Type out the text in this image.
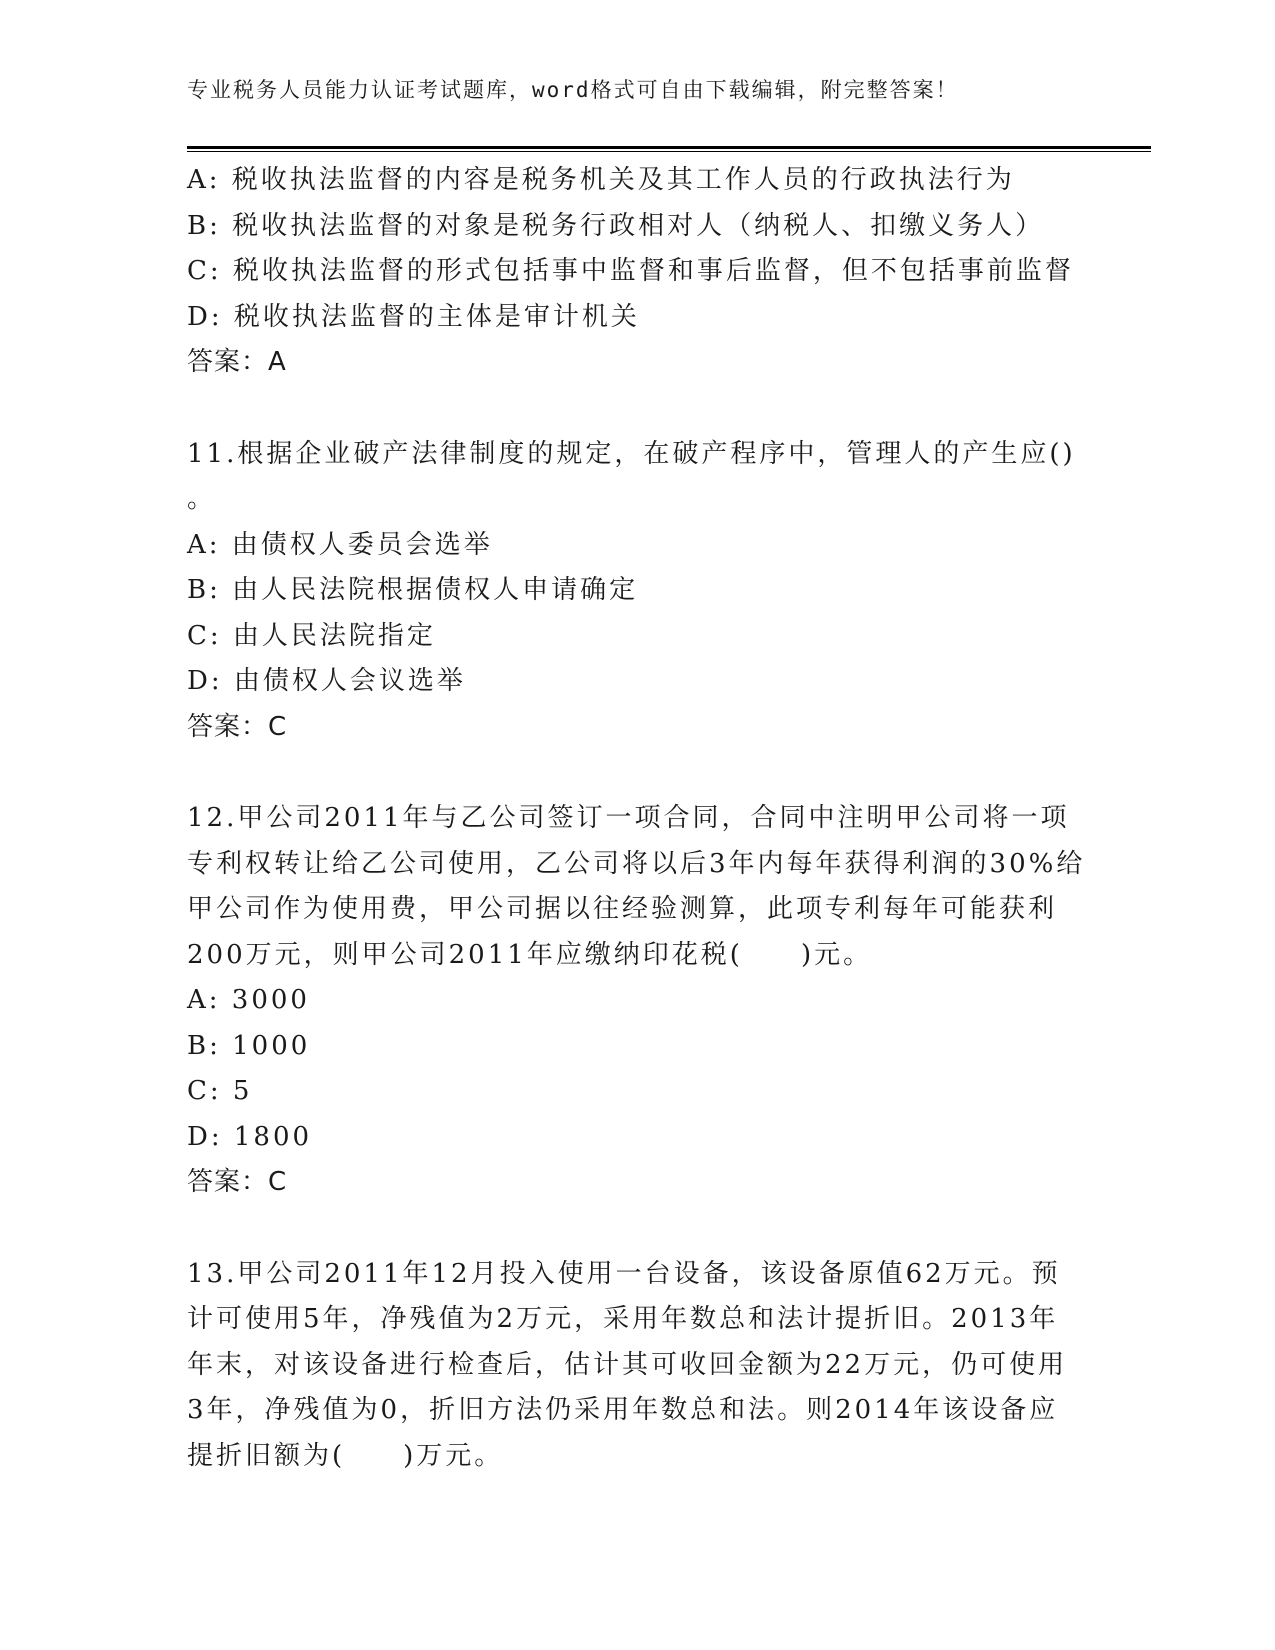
专业税务人员能力认证考试题库，word格式可自由下载编辑，附完整答案！
A: 税收执法监督的内容是税务机关及其工作人员的行政执法行为
B: 税收执法监督的对象是税务行政相对人（纳税人、扣缴义务人）
C: 税收执法监督的形式包括事中监督和事后监督，但不包括事前监督
D: 税收执法监督的主体是审计机关
答案：A
11.根据企业破产法律制度的规定，在破产程序中，管理人的产生应()
。
A: 由债权人委员会选举
B: 由人民法院根据债权人申请确定
C: 由人民法院指定
D: 由债权人会议选举
答案：C
12.甲公司2011年与乙公司签订一项合同，合同中注明甲公司将一项
专利权转让给乙公司使用，乙公司将以后3年内每年获得利润的30%给
甲公司作为使用费，甲公司据以往经验测算，此项专利每年可能获利
200万元，则甲公司2011年应缴纳印花税(　　)元。
A: 3000
B: 1000
C: 5
D: 1800
答案：C
13.甲公司2011年12月投入使用一台设备，该设备原值62万元。预
计可使用5年，净残值为2万元，采用年数总和法计提折旧。2013年
年末，对该设备进行检查后，估计其可收回金额为22万元，仍可使用
3年，净残值为0，折旧方法仍采用年数总和法。则2014年该设备应
提折旧额为(　　)万元。
